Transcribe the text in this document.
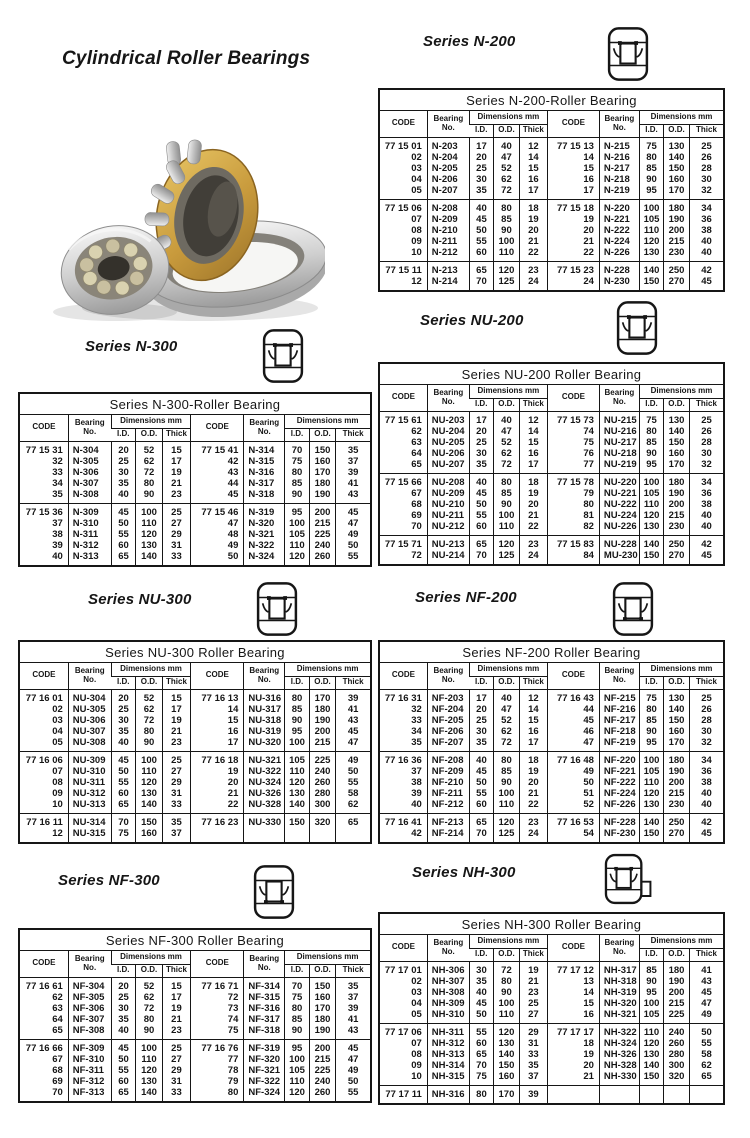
Cylindrical Roller Bearings
Series N-200
Series N-200-Roller Bearing									
CODE	Bearing No.	Dimensions mm			CODE	Bearing No.	Dimensions mm		
		I.D.	O.D.	Thick			I.D.	O.D.	Thick
77 15 01	N-203	17	40	12	77 15 13	N-215	75	130	25
02	N-204	20	47	14	14	N-216	80	140	26
03	N-205	25	52	15	15	N-217	85	150	28
04	N-206	30	62	16	16	N-218	90	160	30
05	N-207	35	72	17	17	N-219	95	170	32
77 15 06	N-208	40	80	18	77 15 18	N-220	100	180	34
07	N-209	45	85	19	19	N-221	105	190	36
08	N-210	50	90	20	20	N-222	110	200	38
09	N-211	55	100	21	21	N-224	120	215	40
10	N-212	60	110	22	22	N-226	130	230	40
77 15 11	N-213	65	120	23	77 15 23	N-228	140	250	42
12	N-214	70	125	24	24	N-230	150	270	45
Series N-300
Series N-300-Roller Bearing									
CODE	Bearing No.	Dimensions mm			CODE	Bearing No.	Dimensions mm		
		I.D.	O.D.	Thick			I.D.	O.D.	Thick
77 15 31	N-304	20	52	15	77 15 41	N-314	70	150	35
32	N-305	25	62	17	42	N-315	75	160	37
33	N-306	30	72	19	43	N-316	80	170	39
34	N-307	35	80	21	44	N-317	85	180	41
35	N-308	40	90	23	45	N-318	90	190	43
77 15 36	N-309	45	100	25	77 15 46	N-319	95	200	45
37	N-310	50	110	27	47	N-320	100	215	47
38	N-311	55	120	29	48	N-321	105	225	49
39	N-312	60	130	31	49	N-322	110	240	50
40	N-313	65	140	33	50	N-324	120	260	55
Series NU-200
Series NU-200 Roller Bearing									
CODE	Bearing No.	Dimensions mm			CODE	Bearing No.	Dimensions mm		
		I.D.	O.D.	Thick			I.D.	O.D.	Thick
77 15 61	NU-203	17	40	12	77 15 73	NU-215	75	130	25
62	NU-204	20	47	14	74	NU-216	80	140	26
63	NU-205	25	52	15	75	NU-217	85	150	28
64	NU-206	30	62	16	76	NU-218	90	160	30
65	NU-207	35	72	17	77	NU-219	95	170	32
77 15 66	NU-208	40	80	18	77 15 78	NU-220	100	180	34
67	NU-209	45	85	19	79	NU-221	105	190	36
68	NU-210	50	90	20	80	NU-222	110	200	38
69	NU-211	55	100	21	81	NU-224	120	215	40
70	NU-212	60	110	22	82	NU-226	130	230	40
77 15 71	NU-213	65	120	23	77 15 83	NU-228	140	250	42
72	NU-214	70	125	24	84	MU-230	150	270	45
Series NU-300
Series NU-300 Roller Bearing									
CODE	Bearing No.	Dimensions mm			CODE	Bearing No.	Dimensions mm		
		I.D.	O.D.	Thick			I.D.	O.D.	Thick
77 16 01	NU-304	20	52	15	77 16 13	NU-316	80	170	39
02	NU-305	25	62	17	14	NU-317	85	180	41
03	NU-306	30	72	19	15	NU-318	90	190	43
04	NU-307	35	80	21	16	NU-319	95	200	45
05	NU-308	40	90	23	17	NU-320	100	215	47
77 16 06	NU-309	45	100	25	77 16 18	NU-321	105	225	49
07	NU-310	50	110	27	19	NU-322	110	240	50
08	NU-311	55	120	29	20	NU-324	120	260	55
09	NU-312	60	130	31	21	NU-326	130	280	58
10	NU-313	65	140	33	22	NU-328	140	300	62
77 16 11	NU-314	70	150	35	77 16 23	NU-330	150	320	65
12	NU-315	75	160	37					
Series NF-200
Series NF-200 Roller Bearing									
CODE	Bearing No.	Dimensions mm			CODE	Bearing No.	Dimensions mm		
		I.D.	O.D.	Thick			I.D.	O.D.	Thick
77 16 31	NF-203	17	40	12	77 16 43	NF-215	75	130	25
32	NF-204	20	47	14	44	NF-216	80	140	26
33	NF-205	25	52	15	45	NF-217	85	150	28
34	NF-206	30	62	16	46	NF-218	90	160	30
35	NF-207	35	72	17	47	NF-219	95	170	32
77 16 36	NF-208	40	80	18	77 16 48	NF-220	100	180	34
37	NF-209	45	85	19	49	NF-221	105	190	36
38	NF-210	50	90	20	50	NF-222	110	200	38
39	NF-211	55	100	21	51	NF-224	120	215	40
40	NF-212	60	110	22	52	NF-226	130	230	40
77 16 41	NF-213	65	120	23	77 16 53	NF-228	140	250	42
42	NF-214	70	125	24	54	NF-230	150	270	45
Series NF-300
Series NF-300 Roller Bearing									
CODE	Bearing No.	Dimensions mm			CODE	Bearing No.	Dimensions mm		
		I.D.	O.D.	Thick			I.D.	O.D.	Thick
77 16 61	NF-304	20	52	15	77 16 71	NF-314	70	150	35
62	NF-305	25	62	17	72	NF-315	75	160	37
63	NF-306	30	72	19	73	NF-316	80	170	39
64	NF-307	35	80	21	74	NF-317	85	180	41
65	NF-308	40	90	23	75	NF-318	90	190	43
77 16 66	NF-309	45	100	25	77 16 76	NF-319	95	200	45
67	NF-310	50	110	27	77	NF-320	100	215	47
68	NF-311	55	120	29	78	NF-321	105	225	49
69	NF-312	60	130	31	79	NF-322	110	240	50
70	NF-313	65	140	33	80	NF-324	120	260	55
Series NH-300
Series NH-300 Roller Bearing									
CODE	Bearing No.	Dimensions mm			CODE	Bearing No.	Dimensions mm		
		I.D.	O.D.	Thick			I.D.	O.D.	Thick
77 17 01	NH-306	30	72	19	77 17 12	NH-317	85	180	41
02	NH-307	35	80	21	13	NH-318	90	190	43
03	NH-308	40	90	23	14	NH-319	95	200	45
04	NH-309	45	100	25	15	NH-320	100	215	47
05	NH-310	50	110	27	16	NH-321	105	225	49
77 17 06	NH-311	55	120	29	77 17 17	NH-322	110	240	50
07	NH-312	60	130	31	18	NH-324	120	260	55
08	NH-313	65	140	33	19	NH-326	130	280	58
09	NH-314	70	150	35	20	NH-328	140	300	62
10	NH-315	75	160	37	21	NH-330	150	320	65
77 17 11	NH-316	80	170	39					
